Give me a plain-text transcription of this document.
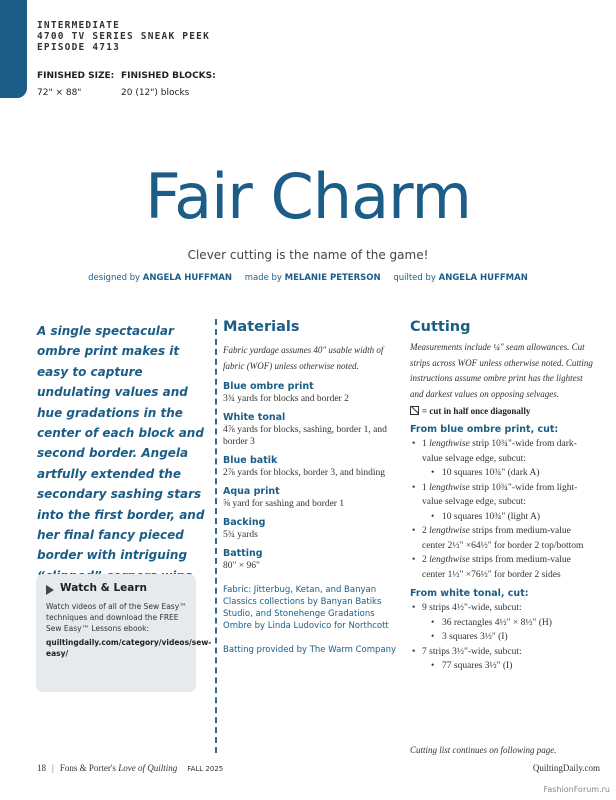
INTERMEDIATE
4700 TV SERIES SNEAK PEEK
EPISODE 4713
FINISHED SIZE:
72" × 88"
FINISHED BLOCKS:
20 (12") blocks
Fair Charm
Clever cutting is the name of the game!
designed by ANGELA HUFFMAN made by MELANIE PETERSON quilted by ANGELA HUFFMAN
A single spectacular ombre print makes it easy to capture undulating values and hue gradations in the center of each block and second border. Angela artfully extended the secondary sashing stars into the first border, and her final fancy pieced border with intriguing
Watch & Learn
Watch videos of all of the Sew Easy™ techniques and download the FREE Sew Easy™ Lessons ebook:
quiltingdaily.com/category/videos/sew-easy/
Materials
Fabric yardage assumes 40" usable width of fabric (WOF) unless otherwise noted.
Blue ombre print
3¾ yards for blocks and border 2
White tonal
4⅞ yards for blocks, sashing, border 1, and border 3
Blue batik
2⅞ yards for blocks, border 3, and binding
Aqua print
⅝ yard for sashing and border 1
Backing
5¾ yards
Batting
80" × 96"
Fabric: Jitterbug, Ketan, and Banyan Classics collections by Banyan Batiks Studio, and Stonehenge Gradations Ombre by Linda Ludovico for Northcott
Batting provided by The Warm Company
Cutting
Measurements include ¼" seam allowances. Cut strips across WOF unless otherwise noted. Cutting instructions assume ombre print has the lightest and darkest values on opposing selvages.
= cut in half once diagonally
From blue ombre print, cut:
• 1 lengthwise strip 10¾"-wide from dark-value selvage edge, subcut:
• 10 squares 10¾" (dark A)
• 1 lengthwise strip 10¾"-wide from light-value selvage edge, subcut:
• 10 squares 10¾" (light A)
• 2 lengthwise strips from medium-value center 2½" ×64½" for border 2 top/bottom
• 2 lengthwise strips from medium-value center 1½" ×76½" for border 2 sides
From white tonal, cut:
• 9 strips 4½"-wide, subcut:
• 36 rectangles 4½" × 8½" (H)
• 3 squares 3½" (I)
• 7 strips 3½"-wide, subcut:
• 77 squares 3½" (I)
Cutting list continues on following page.
18 | Fons & Porter's Love of Quilting FALL 2025	QuiltingDaily.com
FashionForum.ru
